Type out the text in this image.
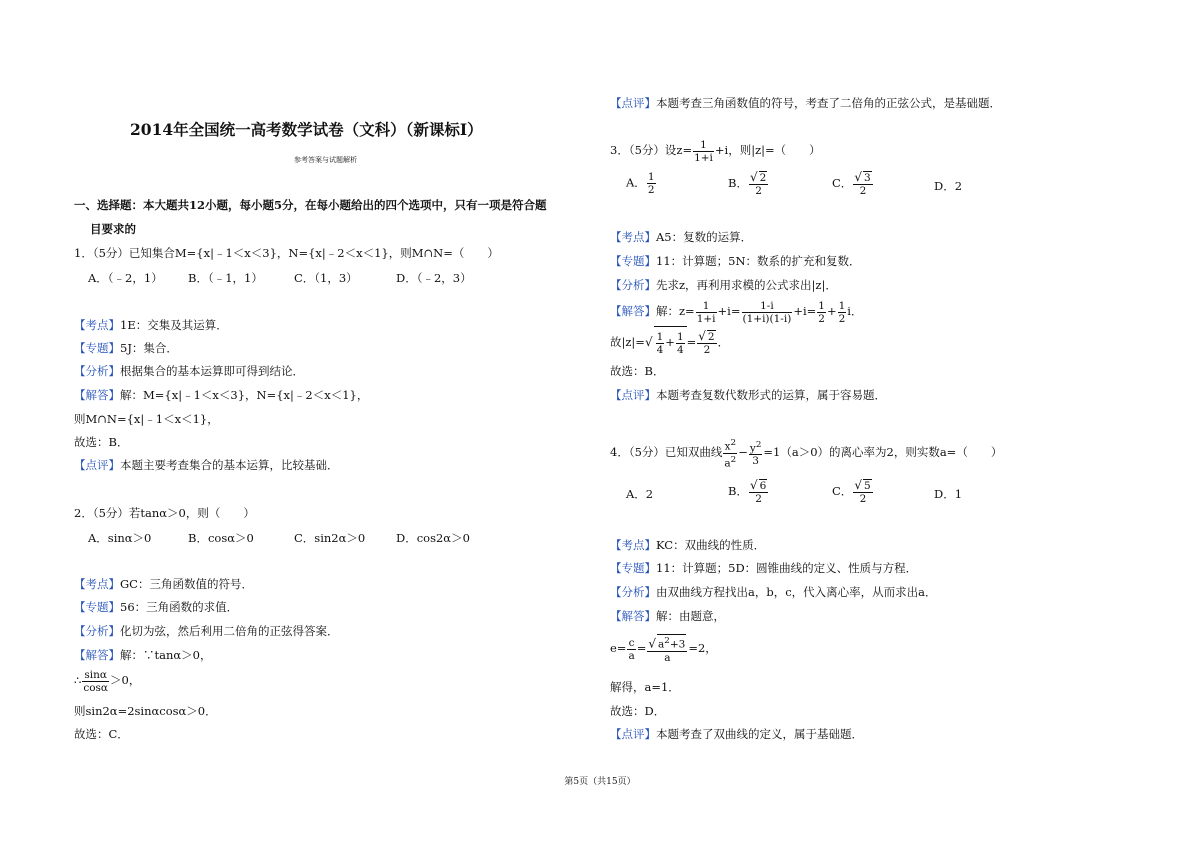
2014年全国统一高考数学试卷（文科）（新课标Ⅰ）
参考答案与试题解析
一、选择题：本大题共12小题，每小题5分，在每小题给出的四个选项中，只有一项是符合题
目要求的
1．（5分）已知集合M={x|﹣1＜x＜3}，N={x|﹣2＜x＜1}，则M∩N=（　　）
A．（﹣2，1） B．（﹣1，1）	C．（1，3）	D．（﹣2，3）
【考点】1E：交集及其运算．
【专题】5J：集合．
【分析】根据集合的基本运算即可得到结论．
【解答】解：M={x|﹣1＜x＜3}，N={x|﹣2＜x＜1}，
则M∩N={x|﹣1＜x＜1}，
故选：B．
【点评】本题主要考查集合的基本运算，比较基础．
2．（5分）若tanα＞0，则（　　）
A．sinα＞0	B．cosα＞0	C．sin2α＞0	D．cos2α＞0
【考点】GC：三角函数值的符号．
【专题】56：三角函数的求值．
【分析】化切为弦，然后利用二倍角的正弦得答案．
【解答】解：∵tanα＞0，
∴ $\frac{\sin\alpha}{\cos\alpha} >0$，
则sin2α=2sinαcosα＞0．
故选：C．
【点评】本题考查三角函数值的符号，考查了二倍角的正弦公式，是基础题．
3．（5分）设$z= \frac{1}{1+i} +i$，则|z|=（　　）
A． $\frac{1}{2}$	B． $\frac{√ 2}{2}$	C． $\frac{√ 3}{2}$	D．2
【考点】A5：复数的运算．
【专题】11：计算题；5N：数系的扩充和复数．
【分析】先求z，再利用求模的公式求出|z|．
【解答】解：$z= \frac{1}{1+i} +i= \frac{1-i}{(1+i)(1-i)} +i= \frac{1}{2} + \frac{1}{2}$ i．
故$|z|=√ \frac{1}{4} + \frac{1}{4} = \frac{√ 2}{2}$ ．
故选：B．
【点评】本题考查复数代数形式的运算，属于容易题．
4．（5分）已知双曲线 $\frac{x^2}{a^2} - \frac{y^2}{3} =1(a>0)$的离心率为2，则实数a=（　　）
A．2	B． $\frac{√ 6}{2}$	C． $\frac{√ 5}{2}$	D．1
【考点】KC：双曲线的性质．
【专题】11：计算题；5D：圆锥曲线的定义、性质与方程．
【分析】由双曲线方程找出a，b，c，代入离心率，从而求出a．
【解答】解：由题意，
$e= \frac{c}{a} = \frac{√ a^2+3}{a} =2$，
解得，a=1．
故选：D．
【点评】本题考查了双曲线的定义，属于基础题．
第5页（共15页）
